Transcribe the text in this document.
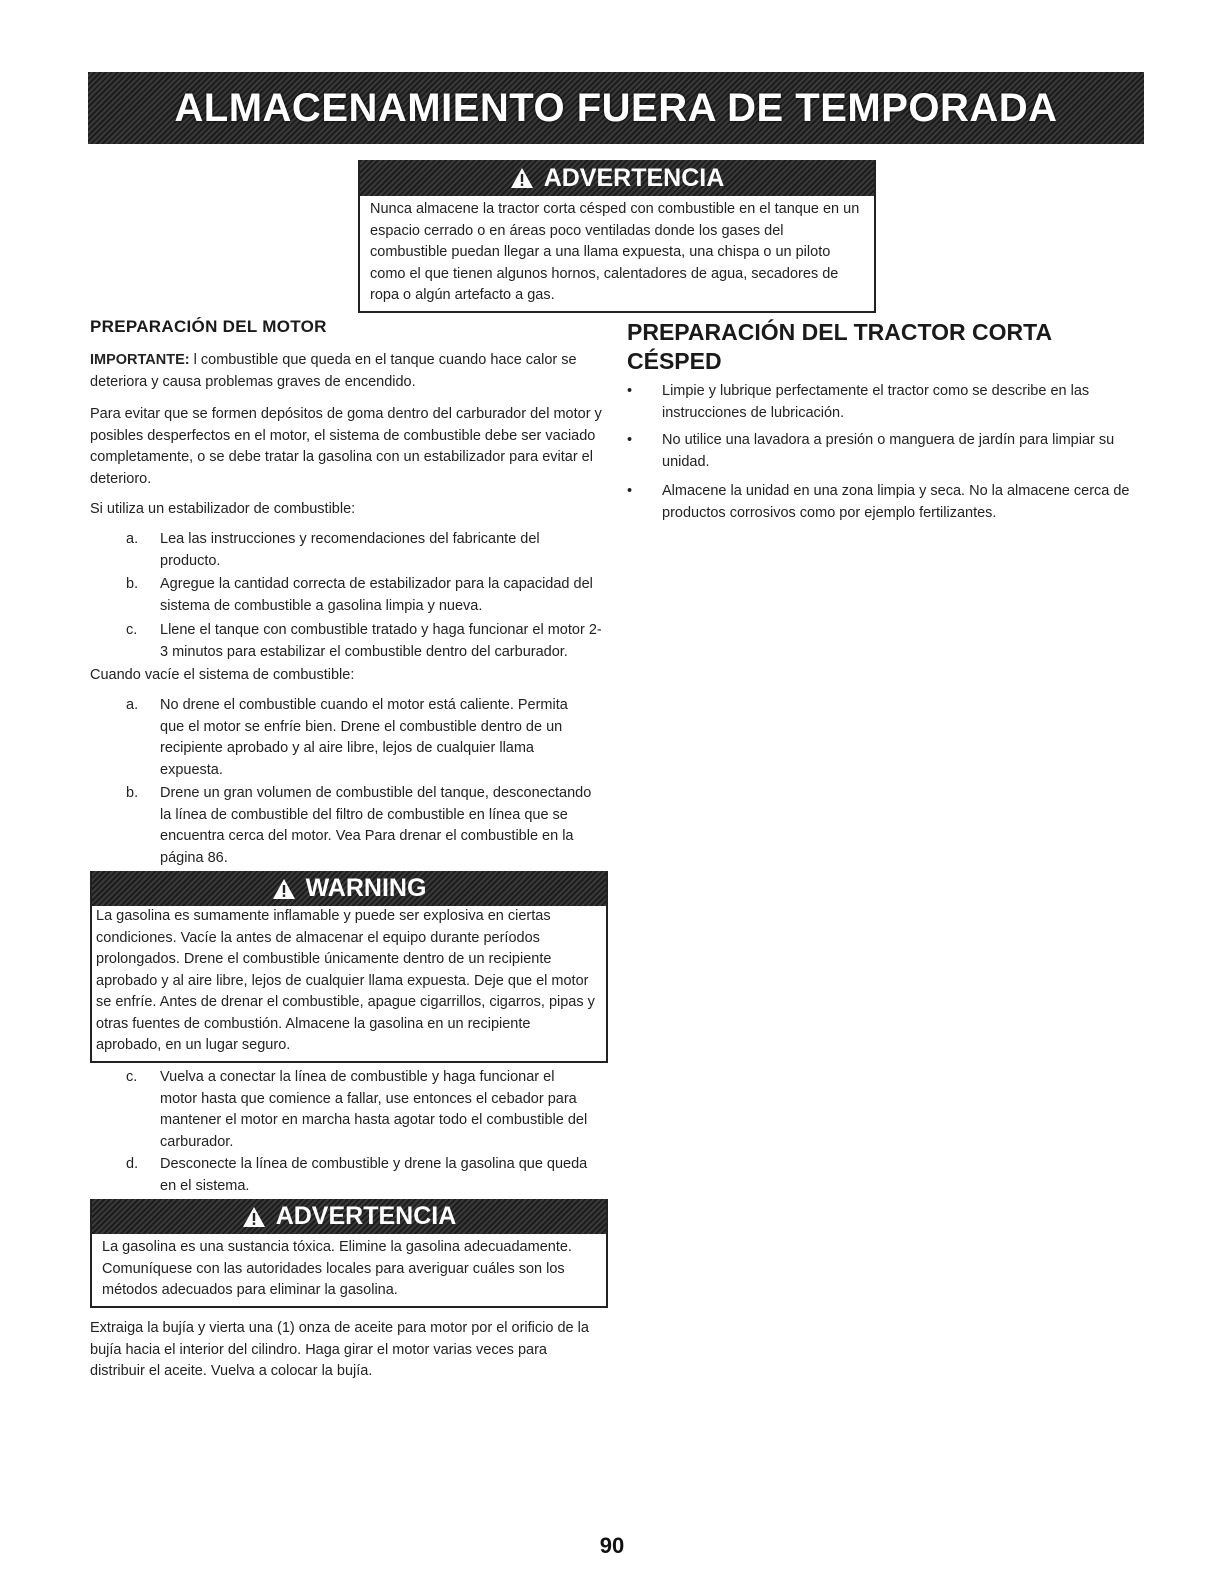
ALMACENAMIENTO FUERA DE TEMPORADA
ADVERTENCIA
Nunca almacene la tractor corta césped con combustible en el tanque en un espacio cerrado o en áreas poco ventiladas donde los gases del combustible puedan llegar a una llama expuesta, una chispa o un piloto como el que tienen algunos hornos, calentadores de agua, secadores de ropa o algún artefacto a gas.
PREPARACIÓN DEL MOTOR
IMPORTANTE: l combustible que queda en el tanque cuando hace calor se deteriora y causa problemas graves de encendido.
Para evitar que se formen depósitos de goma dentro del carburador del motor y posibles desperfectos en el motor, el sistema de combustible debe ser vaciado completamente, o se debe tratar la gasolina con un estabilizador para evitar el deterioro.
Si utiliza un estabilizador de combustible:
a. Lea las instrucciones y recomendaciones del fabricante del producto.
b. Agregue la cantidad correcta de estabilizador para la capacidad del sistema de combustible a gasolina limpia y nueva.
c. Llene el tanque con combustible tratado y haga funcionar el motor 2-3 minutos para estabilizar el combustible dentro del carburador.
Cuando vacíe el sistema de combustible:
a. No drene el combustible cuando el motor está caliente. Permita que el motor se enfríe bien. Drene el combustible dentro de un recipiente aprobado y al aire libre, lejos de cualquier llama expuesta.
b. Drene un gran volumen de combustible del tanque, desconectando la línea de combustible del filtro de combustible en línea que se encuentra cerca del motor. Vea Para drenar el combustible en la página 86.
WARNING
La gasolina es sumamente inflamable y puede ser explosiva en ciertas condiciones. Vacíe la antes de almacenar el equipo durante períodos prolongados. Drene el combustible únicamente dentro de un recipiente aprobado y al aire libre, lejos de cualquier llama expuesta. Deje que el motor se enfríe. Antes de drenar el combustible, apague cigarrillos, cigarros, pipas y otras fuentes de combustión. Almacene la gasolina en un recipiente aprobado, en un lugar seguro.
c. Vuelva a conectar la línea de combustible y haga funcionar el motor hasta que comience a fallar, use entonces el cebador para mantener el motor en marcha hasta agotar todo el combustible del carburador.
d. Desconecte la línea de combustible y drene la gasolina que queda en el sistema.
ADVERTENCIA
La gasolina es una sustancia tóxica. Elimine la gasolina adecuadamente. Comuníquese con las autoridades locales para averiguar cuáles son los métodos adecuados para eliminar la gasolina.
Extraiga la bujía y vierta una (1) onza de aceite para motor por el orificio de la bujía hacia el interior del cilindro. Haga girar el motor varias veces para distribuir el aceite. Vuelva a colocar la bujía.
PREPARACIÓN DEL TRACTOR CORTA
CÉSPED
• Limpie y lubrique perfectamente el tractor como se describe en las instrucciones de lubricación.
• No utilice una lavadora a presión o manguera de jardín para limpiar su unidad.
• Almacene la unidad en una zona limpia y seca. No la almacene cerca de productos corrosivos como por ejemplo fertilizantes.
90
